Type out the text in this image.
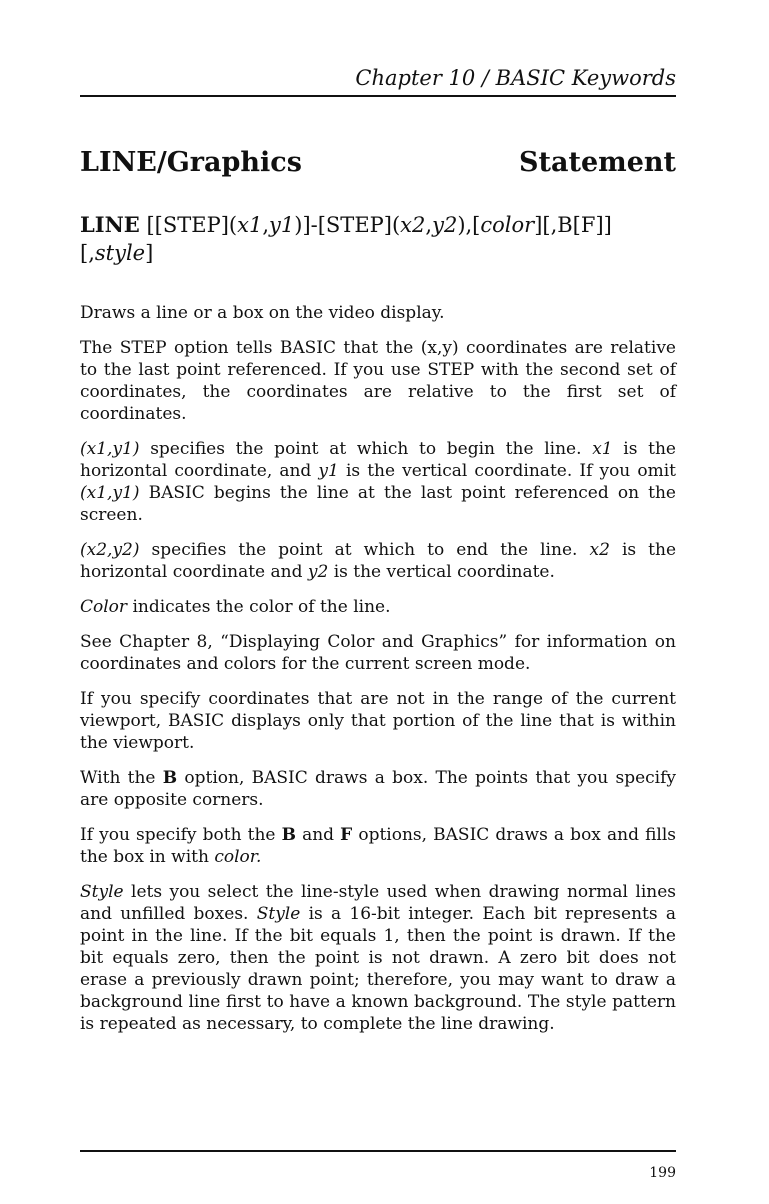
Chapter 10 / BASIC Keywords
LINE/Graphics	Statement
LINE [[STEP](x1,y1)]-[STEP](x2,y2),[color][,B[F]]
[,style]

Draws a line or a box on the video display.

The STEP option tells BASIC that the (x,y) coordinates are relative to the last point referenced. If you use STEP with the second set of coordinates, the coordinates are relative to the first set of coordinates.

(x1,y1) specifies the point at which to begin the line. x1 is the horizontal coordinate, and y1 is the vertical coordinate. If you omit (x1,y1) BASIC begins the line at the last point referenced on the screen.

(x2,y2) specifies the point at which to end the line. x2 is the horizontal coordinate and y2 is the vertical coordinate.

Color indicates the color of the line.

See Chapter 8, “Displaying Color and Graphics” for information on coordinates and colors for the current screen mode.

If you specify coordinates that are not in the range of the current viewport, BASIC displays only that portion of the line that is within the viewport.

With the B option, BASIC draws a box. The points that you specify are opposite corners.

If you specify both the B and F options, BASIC draws a box and fills the box in with color.

Style lets you select the line-style used when drawing normal lines and unfilled boxes. Style is a 16-bit integer. Each bit represents a point in the line. If the bit equals 1, then the point is drawn. If the bit equals zero, then the point is not drawn. A zero bit does not erase a previously drawn point; therefore, you may want to draw a background line first to have a known background. The style pattern is repeated as necessary, to complete the line drawing.

199
